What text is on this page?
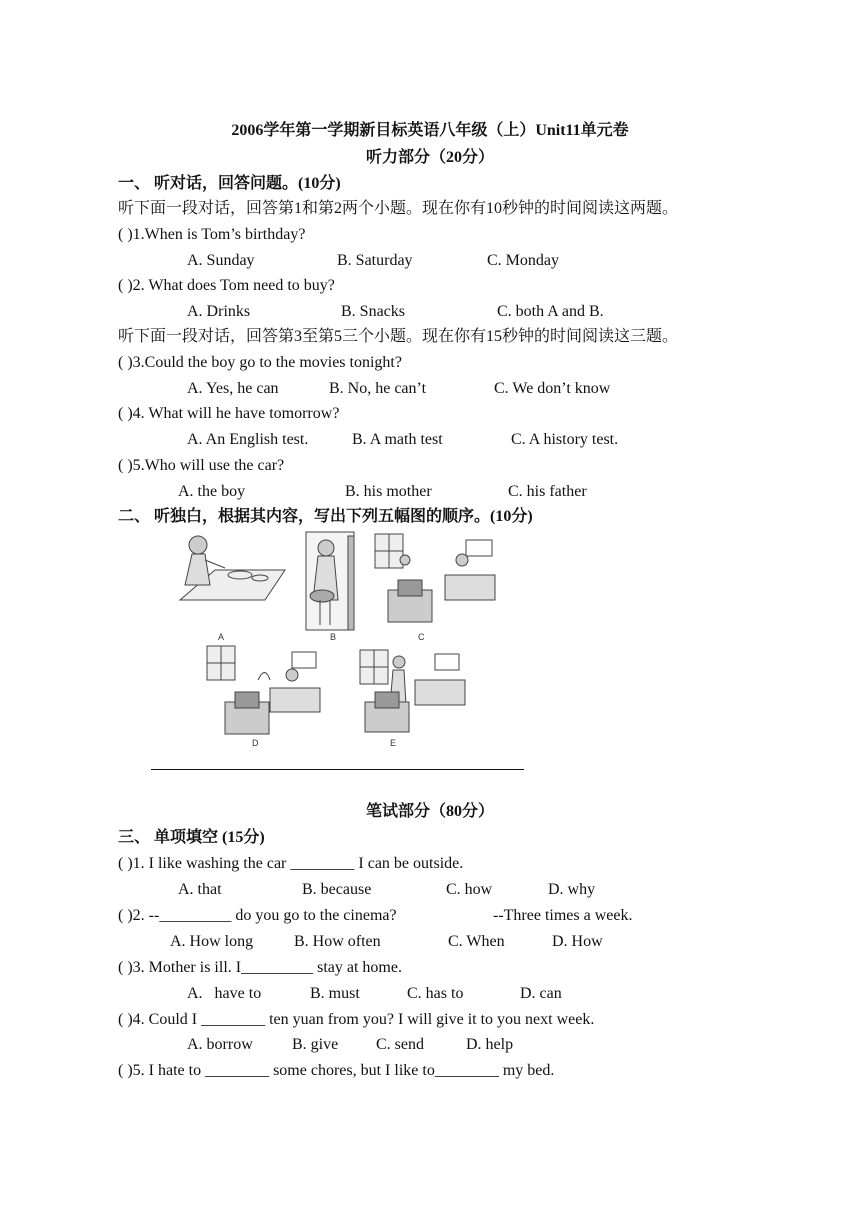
2006学年第一学期新目标英语八年级（上）Unit11单元卷
听力部分（20分）
一、 听对话，回答问题。(10分)
听下面一段对话，回答第1和第2两个小题。现在你有10秒钟的时间阅读这两题。
( )1.When is Tom’s birthday?
A. Sunday	B. Saturday	C. Monday
( )2. What does Tom need to buy?
A. Drinks	B. Snacks	C. both A and B.
听下面一段对话，回答第3至第5三个小题。现在你有15秒钟的时间阅读这三题。
( )3.Could the boy go to the movies tonight?
A. Yes, he can	B. No, he can’t	C. We don’t know
( )4. What will he have tomorrow?
A. An English test.	B. A math test	C. A history test.
( )5.Who will use the car?
A. the boy	B. his mother	C. his father
二、 听独白，根据其内容，写出下列五幅图的顺序。(10分)
A	B	C
D	E
笔试部分（80分）
三、 单项填空 (15分)
( )1. I like washing the car ________ I can be outside.
A. that	B. because	C. how	D. why
( )2. --_________ do you go to the cinema?	--Three times a week.
A. How long	B. How often	C. When	D. How
( )3. Mother is ill. I_________ stay at home.
A.   have to	B. must	C. has to	D. can
( )4. Could I ________ ten yuan from you? I will give it to you next week.
A. borrow B. give C. send	D. help
( )5. I hate to ________ some chores, but I like to________ my bed.
